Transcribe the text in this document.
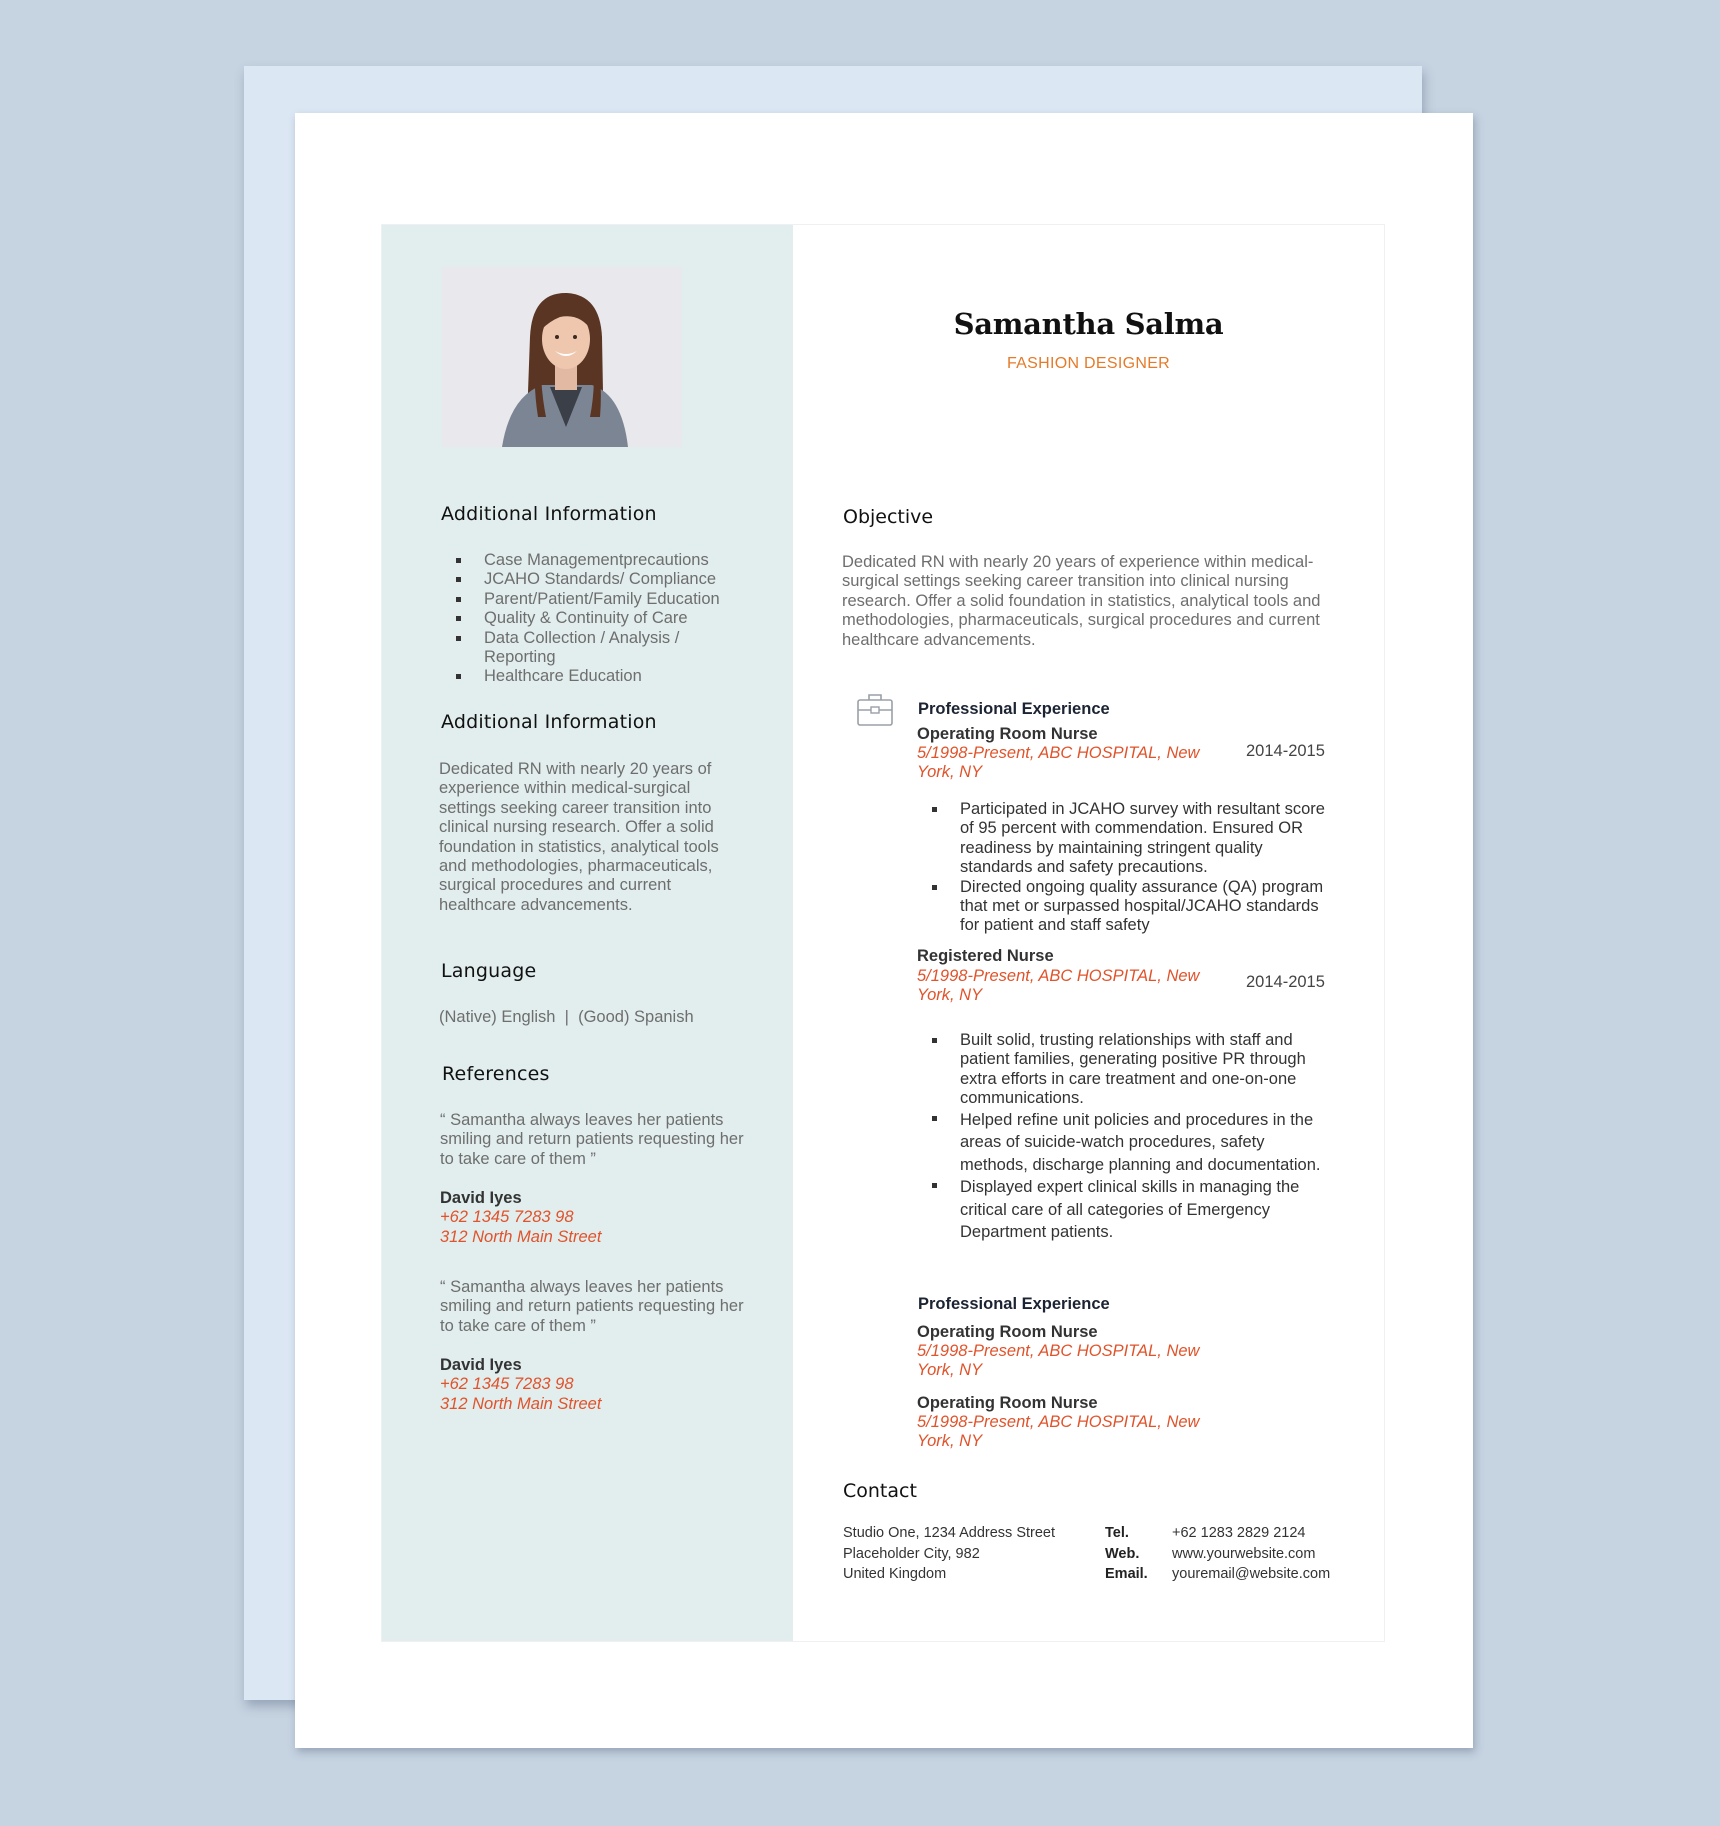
Additional Information
Case Managementprecautions
JCAHO Standards/ Compliance
Parent/Patient/Family Education
Quality & Continuity of Care
Data Collection / Analysis / Reporting
Healthcare Education
Additional Information
Dedicated RN with nearly 20 years of experience within medical-surgical settings seeking career transition into clinical nursing research. Offer a solid foundation in statistics, analytical tools and methodologies, pharmaceuticals, surgical procedures and current healthcare advancements.
Language
(Native) English  |  (Good) Spanish
References
“ Samantha always leaves her patients smiling and return patients requesting her to take care of them ”
David Iyes
+62 1345 7283 98
312 North Main Street
“ Samantha always leaves her patients smiling and return patients requesting her to take care of them ”
David Iyes
+62 1345 7283 98
312 North Main Street
Samantha Salma
FASHION DESIGNER
Objective
Dedicated RN with nearly 20 years of experience within medical-surgical settings seeking career transition into clinical nursing research. Offer a solid foundation in statistics, analytical tools and methodologies, pharmaceuticals, surgical procedures and current healthcare advancements.
Professional Experience
Operating Room Nurse
5/1998-Present, ABC HOSPITAL, New York, NY
2014-2015
Participated in JCAHO survey with resultant score of 95 percent with commendation. Ensured OR readiness by maintaining stringent quality standards and safety precautions.
Directed ongoing quality assurance (QA) program that met or surpassed hospital/JCAHO standards for patient and staff safety
Registered Nurse
5/1998-Present, ABC HOSPITAL, New York, NY
2014-2015
Built solid, trusting relationships with staff and patient families, generating positive PR through extra efforts in care treatment and one-on-one communications.
Helped refine unit policies and procedures in the areas of suicide-watch procedures, safety methods, discharge planning and documentation.
Displayed expert clinical skills in managing the critical care of all categories of Emergency Department patients.
Professional Experience
Operating Room Nurse
5/1998-Present, ABC HOSPITAL, New York, NY
Operating Room Nurse
5/1998-Present, ABC HOSPITAL, New York, NY
Contact
Studio One, 1234 Address Street
Placeholder City, 982
United Kingdom
Tel.
Web.
Email.
+62 1283 2829 2124
www.yourwebsite.com
youremail@website.com
